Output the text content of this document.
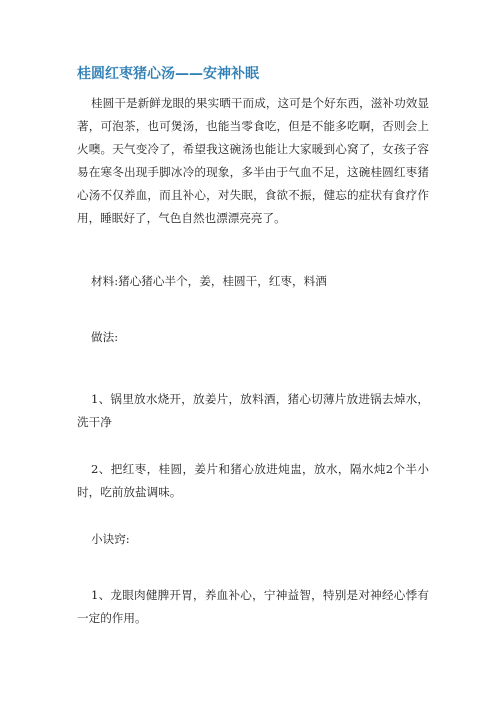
桂圆红枣猪心汤——安神补眠

桂圆干是新鲜龙眼的果实晒干而成，这可是个好东西，滋补功效显著，可泡茶，也可煲汤，也能当零食吃，但是不能多吃啊，否则会上火噢。天气变冷了，希望我这碗汤也能让大家暖到心窝了，女孩子容易在寒冬出现手脚冰冷的现象，多半由于气血不足，这碗桂圆红枣猪心汤不仅养血，而且补心，对失眠，食欲不振，健忘的症状有食疗作用，睡眠好了，气色自然也漂漂亮亮了。

材料:猪心猪心半个，姜，桂圆干，红枣，料酒

做法:

1、锅里放水烧开，放姜片，放料酒，猪心切薄片放进锅去焯水，洗干净

2、把红枣，桂圆，姜片和猪心放进炖盅，放水，隔水炖2个半小时，吃前放盐调味。

小诀窍:

1、龙眼肉健脾开胃，养血补心，宁神益智，特别是对神经心悸有一定的作用。
